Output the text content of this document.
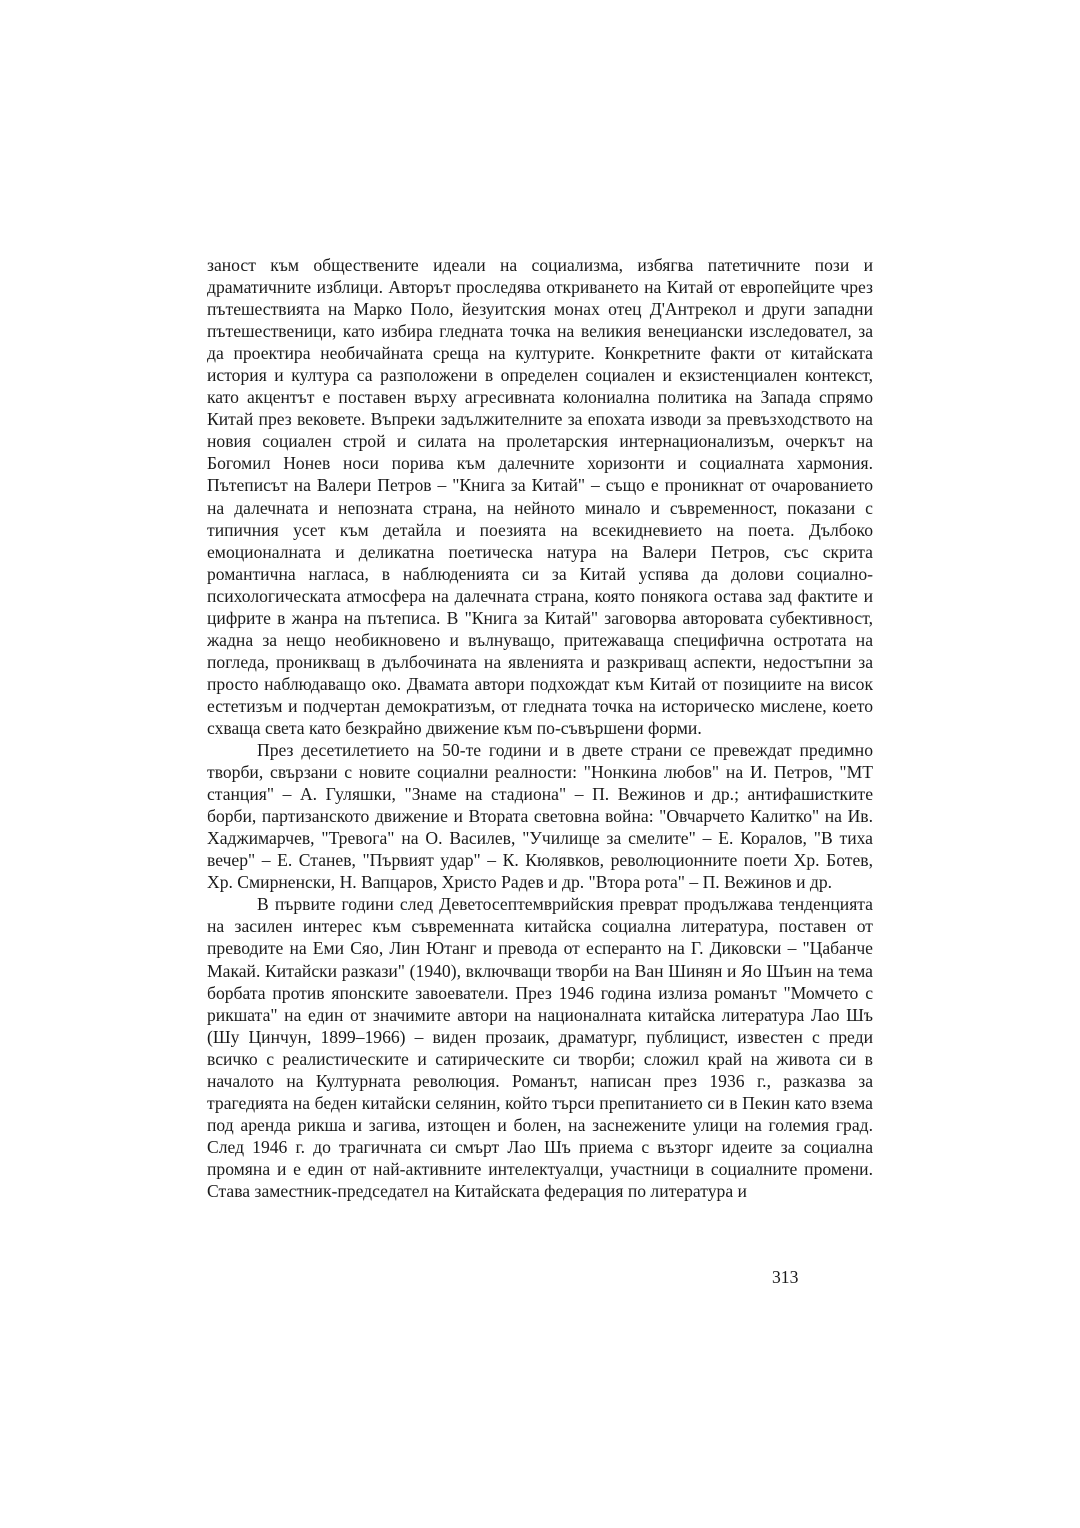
заност към обществените идеали на социализма, избягва патетичните пози и драматичните изблици. Авторът проследява откриването на Китай от европейците чрез пътешествията на Марко Поло, йезуитския монах отец Д'Антрекол и други западни пътешественици, като избира гледната точка на великия венециански изследовател, за да проектира необичайната среща на културите. Конкретните факти от китайската история и култура са разположени в определен социален и екзистенциален контекст, като акцентът е поставен върху агресивната колониална политика на Запада спрямо Китай през вековете. Въпреки задължителните за епохата изводи за превъзходството на новия социален строй и силата на пролетарския интернационализъм, очеркът на Богомил Нонев носи порива към далечните хоризонти и социалната хармония. Пътеписът на Валери Петров – "Книга за Китай" – също е проникнат от очарованието на далечната и непозната страна, на нейното минало и съвременност, показани с типичния усет към детайла и поезията на всекидневието на поета. Дълбоко емоционалната и деликатна поетическа натура на Валери Петров, със скрита романтична нагласа, в наблюденията си за Китай успява да долови социално-психологическата атмосфера на далечната страна, която понякога остава зад фактите и цифрите в жанра на пътеписа. В "Книга за Китай" заговорва авторовата субективност, жадна за нещо необикновено и вълнуващо, притежаваща специфична остротата на погледа, проникващ в дълбочината на явленията и разкриващ аспекти, недостъпни за просто наблюдаващо око. Двамата автори подхождат към Китай от позициите на висок естетизъм и подчертан демократизъм, от гледната точка на историческо мислене, което схваща света като безкрайно движение към по-съвършени форми.

През десетилетието на 50-те години и в двете страни се превеждат предимно творби, свързани с новите социални реалности: "Нонкина любов" на И. Петров, "МТ станция" – А. Гуляшки, "Знаме на стадиона" – П. Вежинов и др.; антифашистките борби, партизанското движение и Втората световна война: "Овчарчето Калитко" на Ив. Хаджимарчев, "Тревога" на О. Василев, "Училище за смелите" – Е. Коралов, "В тиха вечер" – Е. Станев, "Първият удар" – К. Кюлявков, революционните поети Хр. Ботев, Хр. Смирненски, Н. Вапцаров, Христо Радев и др. "Втора рота" – П. Вежинов и др.

В първите години след Деветосептемврийския преврат продължава тенденцията на засилен интерес към съвременната китайска социална литература, поставен от преводите на Еми Сяо, Лин Ютанг и превода от есперанто на Г. Диковски – "Цабанче Макай. Китайски разкази" (1940), включващи творби на Ван Шинян и Яо Шъин на тема борбата против японските завоеватели. През 1946 година излиза романът "Момчето с рикшата" на един от значимите автори на националната китайска литература Лао Шъ (Шу Цинчун, 1899–1966) – виден прозаик, драматург, публицист, известен с преди всичко с реалистическите и сатирическите си творби; сложил край на живота си в началото на Културната революция. Романът, написан през 1936 г., разказва за трагедията на беден китайски селянин, който търси препитанието си в Пекин като взема под аренда рикша и загива, изтощен и болен, на заснежените улици на големия град. След 1946 г. до трагичната си смърт Лао Шъ приема с възторг идеите за социална промяна и е един от най-активните интелектуалци, участници в социалните промени. Става заместник-председател на Китайската федерация по литература и

313
